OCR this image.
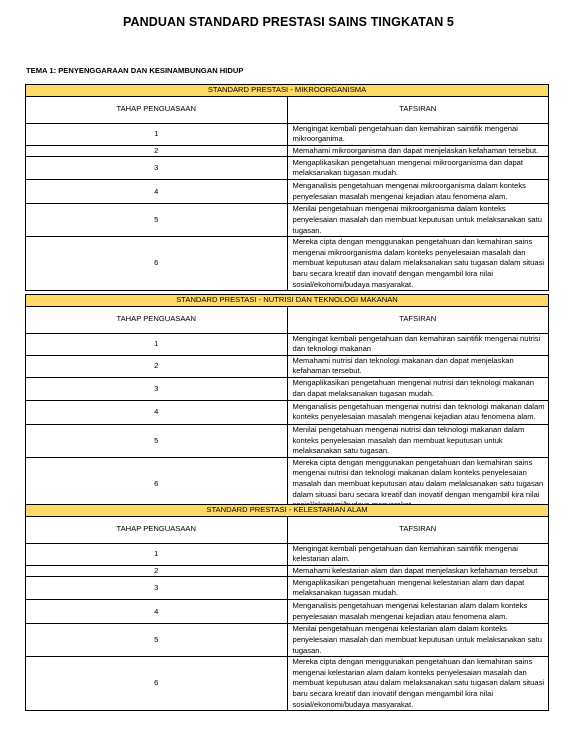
PANDUAN STANDARD PRESTASI SAINS TINGKATAN 5
TEMA 1: PENYENGGARAAN DAN KESINAMBUNGAN HIDUP
STANDARD PRESTASI - MIKROORGANISMA	
TAHAP PENGUASAAN	TAFSIRAN
1	Mengingat kembali pengetahuan dan kemahiran saintifik mengenai mikroorganima.
2	Memahami mikroorganisma dan dapat menjelaskan kefahaman tersebut.
3	Mengaplikasikan pengetahuan mengenai mikroorganisma dan dapat melaksanakan tugasan mudah.
4	Menganalisis pengetahuan mengenai mikroorganisma dalam konteks penyelesaian masalah mengenai kejadian atau fenomena alam.
5	Menilai pengetahuan mengenai mikroorganisma dalam konteks penyelesaian masalah dan membuat keputusan untuk melaksanakan satu tugasan.
6	Mereka cipta dengan menggunakan pengetahuan dan kemahiran sains mengenai mikroorganisma dalam konteks penyelesaian masalah dan membuat keputusan atau dalam melaksanakan satu tugasan dalam situasi baru secara kreatif dan inovatif dengan mengambil kira nilai sosial/ekonomi/budaya masyarakat.
STANDARD PRESTASI - NUTRISI DAN TEKNOLOGI MAKANAN	
TAHAP PENGUASAAN	TAFSIRAN
1	Mengingat kembali pengetahuan dan kemahiran saintifik mengenai nutrisi dan teknologi makanan
2	Memahami nutrisi dan teknologi makanan dan dapat menjelaskan kefahaman tersebut.
3	Mengaplikasikan pengetahuan mengenai nutrisi dan teknologi makanan dan dapat melaksanakan tugasan mudah.
4	Menganalisis pengetahuan mengenai nutrisi dan teknologi makanan dalam konteks penyelesaian masalah mengenai kejadian atau fenomena alam.
5	Menilai pengetahuan mengenai nutrisi dan teknologi makanan dalam konteks penyelesaian masalah dan membuat keputusan untuk melaksanakan satu tugasan.
6	Mereka cipta dengan menggunakan pengetahuan dan kemahiran sains mengenai nutrisi dan teknologi makanan dalam konteks penyelesaian masalah dan membuat keputusan atau dalam melaksanakan satu tugasan dalam situasi baru secara kreatif dan inovatif dengan mengambil kira nilai
STANDARD PRESTASI - KELESTARIAN ALAM	
TAHAP PENGUASAAN	TAFSIRAN
1	Mengingat kembali pengetahuan dan kemahiran saintifik mengenai kelestarian alam.
2	Memahami kelestarian alam dan dapat menjelaskan kefahaman tersebut
3	Mengaplikasikan pengetahuan mengenai kelestarian alam dan dapat melaksanakan tugasan mudah.
4	Menganalisis pengetahuan mengenai kelestarian alam dalam konteks penyelesaian masalah mengenai kejadian atau fenomena alam.
5	Menilai pengetahuan mengenai kelestarian alam dalam konteks penyelesaian masalah dan membuat keputusan untuk melaksanakan satu tugasan.
6	Mereka cipta dengan menggunakan pengetahuan dan kemahiran sains mengenai kelestarian alam dalam konteks penyelesaian masalah dan membuat keputusan atau dalam melaksanakan satu tugasan dalam situasi baru secara kreatif dan inovatif dengan mengambil kira nilai sosial/ekonomi/budaya masyarakat.
